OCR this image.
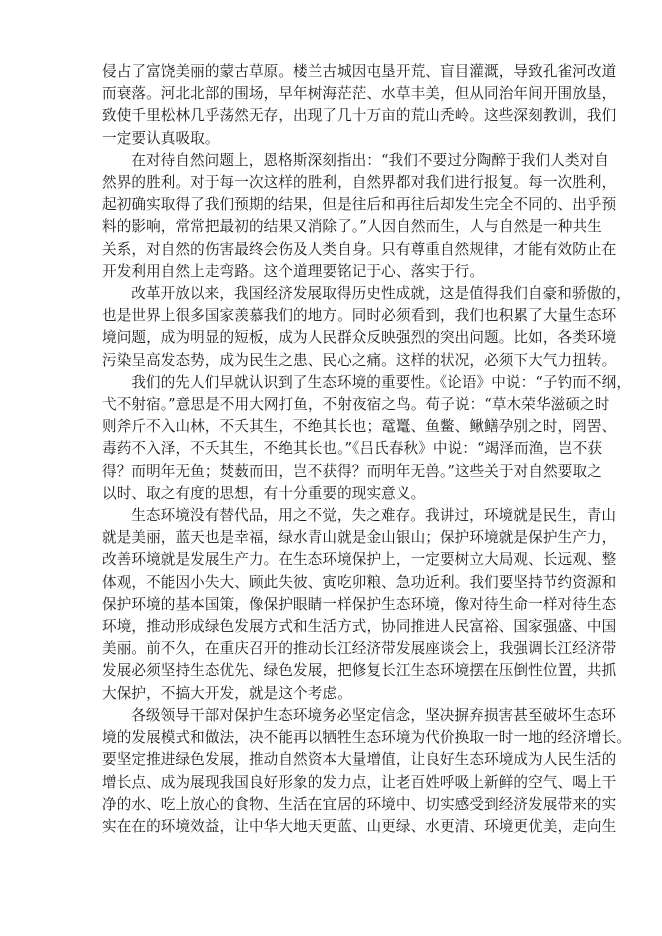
侵占了富饶美丽的蒙古草原。楼兰古城因屯垦开荒、盲目灌溉，导致孔雀河改道
而衰落。河北北部的围场，早年树海茫茫、水草丰美，但从同治年间开围放垦，
致使千里松林几乎荡然无存，出现了几十万亩的荒山秃岭。这些深刻教训，我们
一定要认真吸取。
在对待自然问题上，恩格斯深刻指出：“我们不要过分陶醉于我们人类对自
然界的胜利。对于每一次这样的胜利，自然界都对我们进行报复。每一次胜利，
起初确实取得了我们预期的结果，但是往后和再往后却发生完全不同的、出乎预
料的影响，常常把最初的结果又消除了。”人因自然而生，人与自然是一种共生
关系，对自然的伤害最终会伤及人类自身。只有尊重自然规律，才能有效防止在
开发利用自然上走弯路。这个道理要铭记于心、落实于行。
改革开放以来，我国经济发展取得历史性成就，这是值得我们自豪和骄傲的，
也是世界上很多国家羡慕我们的地方。同时必须看到，我们也积累了大量生态环
境问题，成为明显的短板，成为人民群众反映强烈的突出问题。比如，各类环境
污染呈高发态势，成为民生之患、民心之痛。这样的状况，必须下大气力扭转。
我们的先人们早就认识到了生态环境的重要性。《论语》中说：“子钓而不纲，
弋不射宿。”意思是不用大网打鱼，不射夜宿之鸟。荀子说：“草木荣华滋硕之时
则斧斤不入山林，不夭其生，不绝其长也；鼋鼍、鱼鳖、鳅鳝孕别之时，罔罟、
毒药不入泽，不夭其生，不绝其长也。”《吕氏春秋》中说：“竭泽而渔，岂不获
得？而明年无鱼；焚薮而田，岂不获得？而明年无兽。”这些关于对自然要取之
以时、取之有度的思想，有十分重要的现实意义。
生态环境没有替代品，用之不觉，失之难存。我讲过，环境就是民生，青山
就是美丽，蓝天也是幸福，绿水青山就是金山银山；保护环境就是保护生产力，
改善环境就是发展生产力。在生态环境保护上，一定要树立大局观、长远观、整
体观，不能因小失大、顾此失彼、寅吃卯粮、急功近利。我们要坚持节约资源和
保护环境的基本国策，像保护眼睛一样保护生态环境，像对待生命一样对待生态
环境，推动形成绿色发展方式和生活方式，协同推进人民富裕、国家强盛、中国
美丽。前不久，在重庆召开的推动长江经济带发展座谈会上，我强调长江经济带
发展必须坚持生态优先、绿色发展，把修复长江生态环境摆在压倒性位置，共抓
大保护，不搞大开发，就是这个考虑。
各级领导干部对保护生态环境务必坚定信念，坚决摒弃损害甚至破坏生态环
境的发展模式和做法，决不能再以牺牲生态环境为代价换取一时一地的经济增长。
要坚定推进绿色发展，推动自然资本大量增值，让良好生态环境成为人民生活的
增长点、成为展现我国良好形象的发力点，让老百姓呼吸上新鲜的空气、喝上干
净的水、吃上放心的食物、生活在宜居的环境中、切实感受到经济发展带来的实
实在在的环境效益，让中华大地天更蓝、山更绿、水更清、环境更优美，走向生
